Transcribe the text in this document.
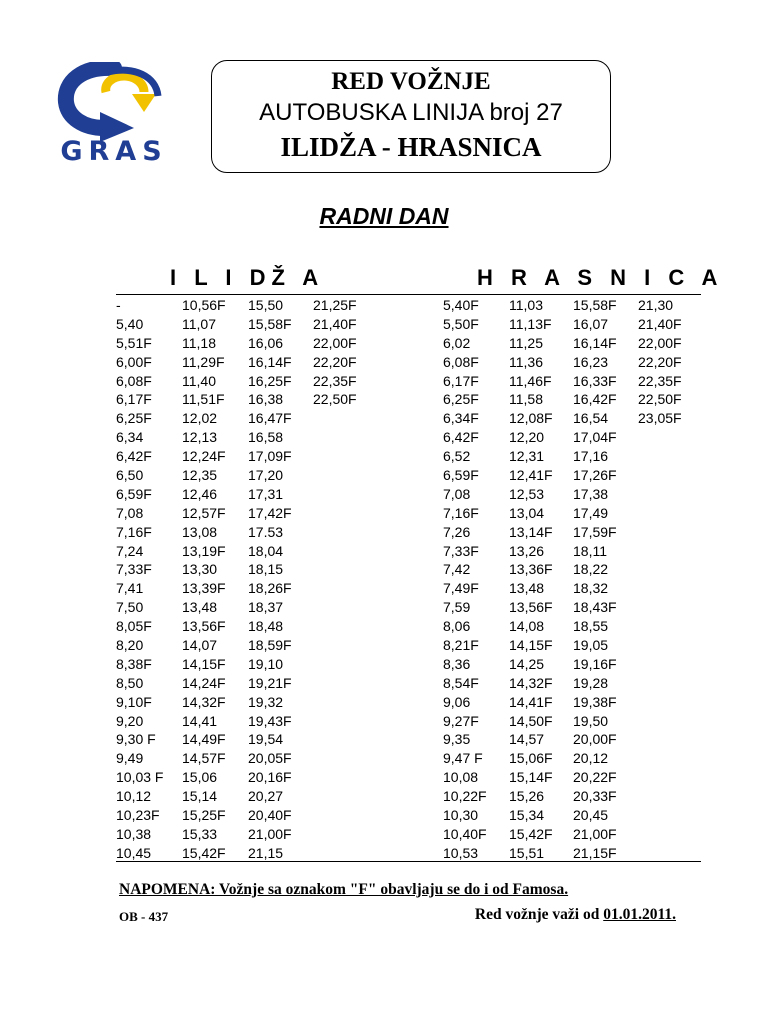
GRAS
RED VOŽNJE
AUTOBUSKA LINIJA broj 27
ILIDŽA - HRASNICA
RADNI DAN
I L I DŽ A	H R A S N I C A
-
5,40
5,51F
6,00F
6,08F
6,17F
6,25F
6,34
6,42F
6,50
6,59F
7,08
7,16F
7,24
7,33F
7,41
7,50
8,05F
8,20
8,38F
8,50
9,10F
9,20
9,30 F
9,49
10,03 F
10,12
10,23F
10,38
10,45
10,56F
11,07
11,18
11,29F
11,40
11,51F
12,02
12,13
12,24F
12,35
12,46
12,57F
13,08
13,19F
13,30
13,39F
13,48
13,56F
14,07
14,15F
14,24F
14,32F
14,41
14,49F
14,57F
15,06
15,14
15,25F
15,33
15,42F
15,50
15,58F
16,06
16,14F
16,25F
16,38
16,47F
16,58
17,09F
17,20
17,31
17,42F
17.53
18,04
18,15
18,26F
18,37
18,48
18,59F
19,10
19,21F
19,32
19,43F
19,54
20,05F
20,16F
20,27
20,40F
21,00F
21,15
21,25F
21,40F
22,00F
22,20F
22,35F
22,50F
5,40F
5,50F
6,02
6,08F
6,17F
6,25F
6,34F
6,42F
6,52
6,59F
7,08
7,16F
7,26
7,33F
7,42
7,49F
7,59
8,06
8,21F
8,36
8,54F
9,06
9,27F
9,35
9,47 F
10,08
10,22F
10,30
10,40F
10,53
11,03
11,13F
11,25
11,36
11,46F
11,58
12,08F
12,20
12,31
12,41F
12,53
13,04
13,14F
13,26
13,36F
13,48
13,56F
14,08
14,15F
14,25
14,32F
14,41F
14,50F
14,57
15,06F
15,14F
15,26
15,34
15,42F
15,51
15,58F
16,07
16,14F
16,23
16,33F
16,42F
16,54
17,04F
17,16
17,26F
17,38
17,49
17,59F
18,11
18,22
18,32
18,43F
18,55
19,05
19,16F
19,28
19,38F
19,50
20,00F
20,12
20,22F
20,33F
20,45
21,00F
21,15F
21,30
21,40F
22,00F
22,20F
22,35F
22,50F
23,05F
NAPOMENA: Vožnje sa oznakom "F" obavljaju se do i od Famosa.
OB - 437	Red vožnje važi od 01.01.2011.
